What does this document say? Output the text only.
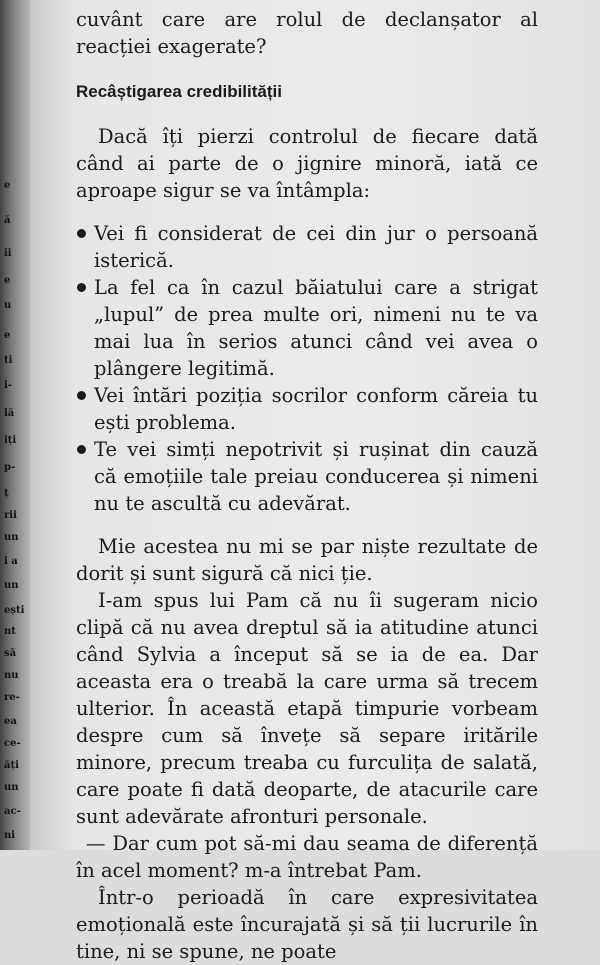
e
ă
ii
e
u
e
ti
i-
lă
iți
p-
ț
rii
un
i a
un
ești
nt
să
nu
re-
ea
ce-
ăți
un
ac-
ni

cuvânt care are rolul de declanșator al reacției exagerate?

Recâștigarea credibilității

Dacă îți pierzi controlul de fiecare dată când ai parte de o jignire minoră, iată ce aproape sigur se va întâmpla:

Vei fi considerat de cei din jur o persoană isterică.
La fel ca în cazul băiatului care a strigat „lupul” de prea multe ori, nimeni nu te va mai lua în serios atunci când vei avea o plângere legitimă.
Vei întări poziția socrilor conform căreia tu ești problema.
Te vei simți nepotrivit și rușinat din cauză că emoțiile tale preiau conducerea și nimeni nu te ascultă cu adevărat.

Mie acestea nu mi se par niște rezultate de dorit și sunt sigură că nici ție.

I-am spus lui Pam că nu îi sugeram nicio clipă că nu avea dreptul să ia atitudine atunci când Sylvia a început să se ia de ea. Dar aceasta era o treabă la care urma să trecem ulterior. În această etapă timpurie vorbeam despre cum să învețe să separe iritările minore, precum treaba cu furculița de salată, care poate fi dată deoparte, de atacurile care sunt adevărate afronturi personale.

— Dar cum pot să-mi dau seama de diferență în acel moment? m-a întrebat Pam.

Într-o perioadă în care expresivitatea emoțională este încurajată și să ții lucrurile în tine, ni se spune, ne poate
